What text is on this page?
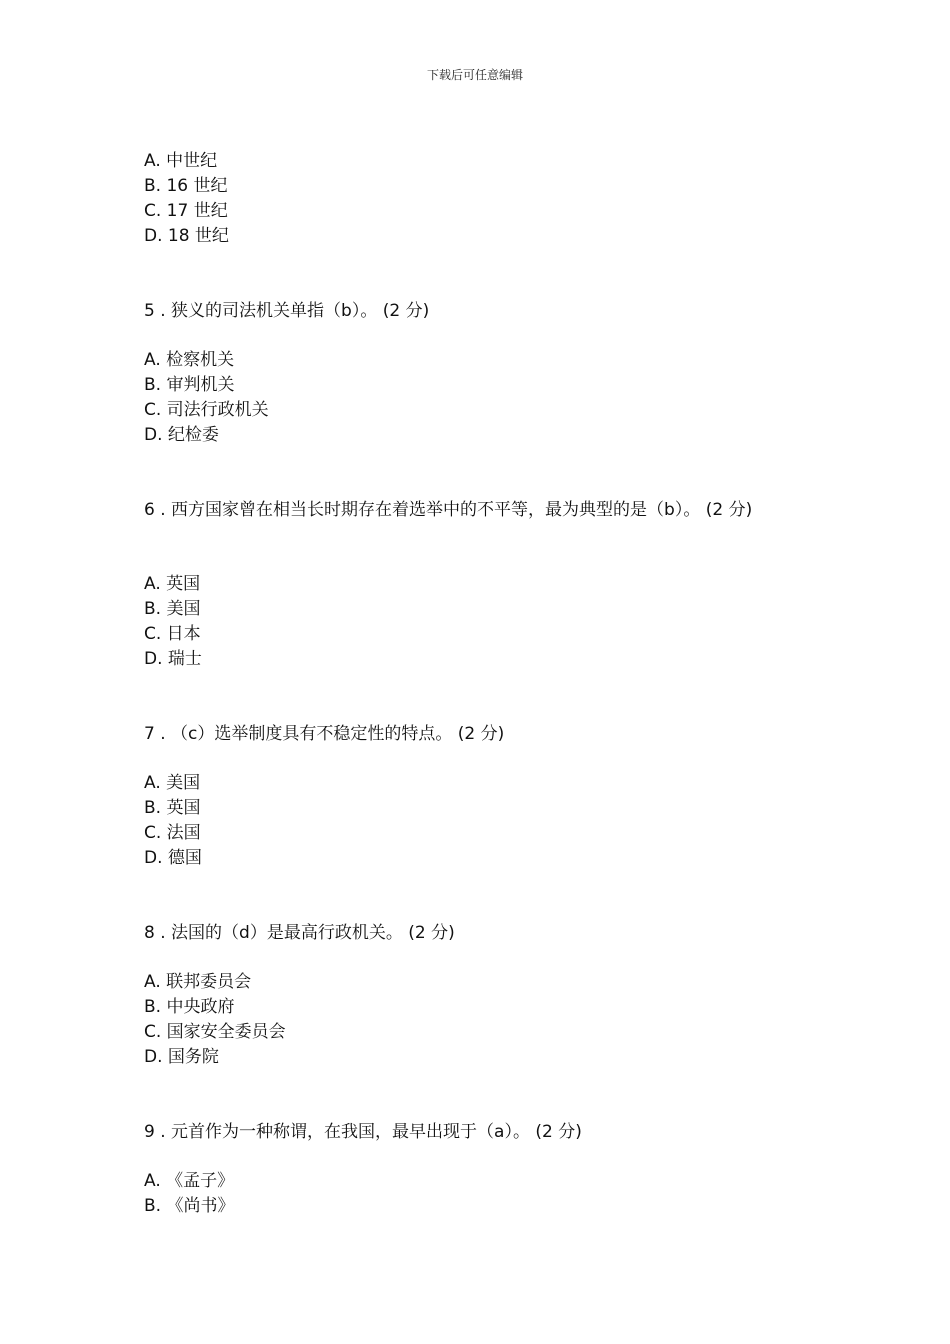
下载后可任意编辑
A. 中世纪
B. 16 世纪
C. 17 世纪
D. 18 世纪
5 . 狭义的司法机关单指（b）。 (2 分)
A. 检察机关
B. 审判机关
C. 司法行政机关
D. 纪检委
6 . 西方国家曾在相当长时期存在着选举中的不平等，最为典型的是（b）。 (2 分)
A. 英国
B. 美国
C. 日本
D. 瑞士
7 . （c）选举制度具有不稳定性的特点。 (2 分)
A. 美国
B. 英国
C. 法国
D. 德国
8 . 法国的（d）是最高行政机关。 (2 分)
A. 联邦委员会
B. 中央政府
C. 国家安全委员会
D. 国务院
9 . 元首作为一种称谓，在我国，最早出现于（a）。 (2 分)
A. 《孟子》
B. 《尚书》
